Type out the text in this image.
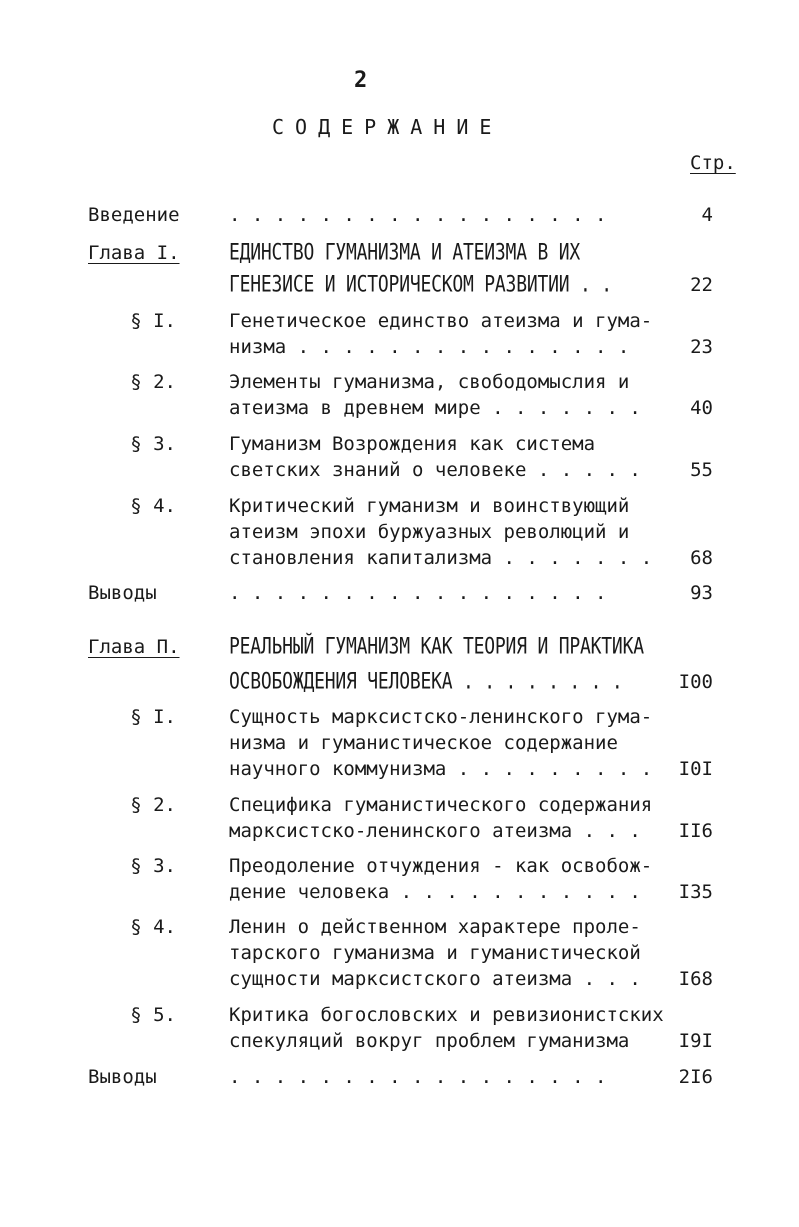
2
СОДЕРЖАНИЕ
Стр.
Введение	. . . . . . . . . . . . . . . . .	4
Глава I.	ЕДИНСТВО ГУМАНИЗМА И АТЕИЗМА В ИХ
ГЕНЕЗИСЕ И ИСТОРИЧЕСКОМ РАЗВИТИИ . .	22
§ I.	Генетическое единство атеизма и гума-
низма . . . . . . . . . . . . . . .	23
§ 2.	Элементы гуманизма, свободомыслия и
атеизма в древнем мире . . . . . . .	40
§ 3.	Гуманизм Возрождения как система
светских знаний о человеке . . . . .	55
§ 4.	Критический гуманизм и воинствующий
атеизм эпохи буржуазных революций и
становления капитализма . . . . . . .	68
Выводы	. . . . . . . . . . . . . . . . .	93
Глава П.	РЕАЛЬНЫЙ ГУМАНИЗМ КАК ТЕОРИЯ И ПРАКТИКА
ОСВОБОЖДЕНИЯ ЧЕЛОВЕКА . . . . . . . .	I00
§ I.	Сущность марксистско-ленинского гума-
низма и гуманистическое содержание
научного коммунизма . . . . . . . . .	I0I
§ 2.	Специфика гуманистического содержания
марксистско-ленинского атеизма . . .	II6
§ 3.	Преодоление отчуждения - как освобож-
дение человека . . . . . . . . . . .	I35
§ 4.	Ленин о действенном характере проле-
тарского гуманизма и гуманистической
сущности марксистского атеизма . . .	I68
§ 5.	Критика богословских и ревизионистских
спекуляций вокруг проблем гуманизма	I9I
Выводы	. . . . . . . . . . . . . . . . .	2I6
